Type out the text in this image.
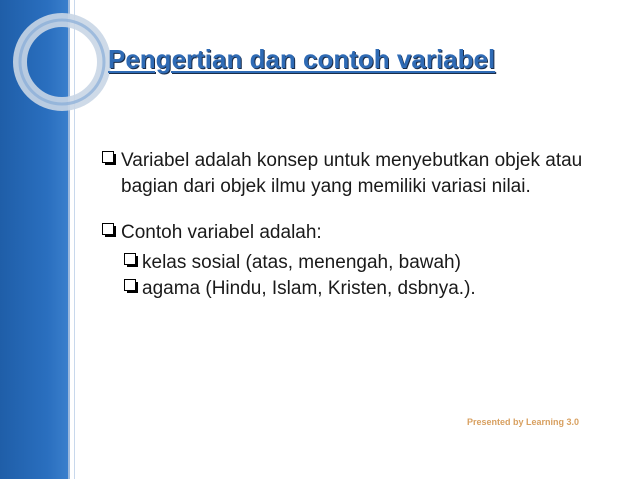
Pengertian dan contoh variabel
Variabel adalah konsep untuk menyebutkan objek atau bagian dari objek ilmu yang memiliki variasi nilai.
Contoh variabel adalah:
kelas sosial (atas, menengah, bawah)
agama (Hindu, Islam, Kristen, dsbnya.).
Presented by Learning 3.0
